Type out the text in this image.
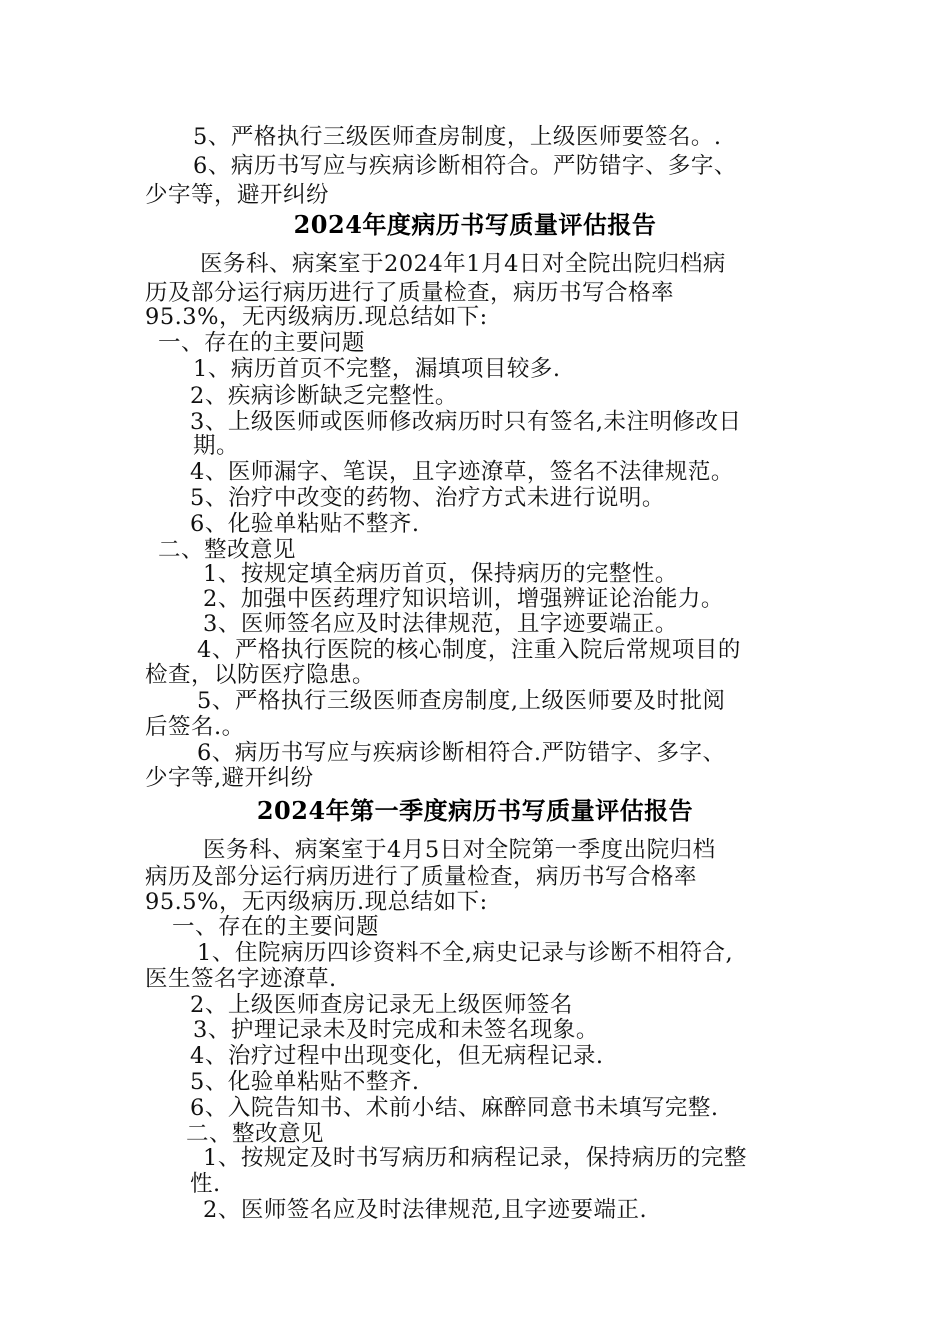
5、严格执行三级医师查房制度，上级医师要签名。.
6、病历书写应与疾病诊断相符合。严防错字、多字、
少字等，避开纠纷
2024年度病历书写质量评估报告
医务科、病案室于2024年1月4日对全院出院归档病
历及部分运行病历进行了质量检查，病历书写合格率
95.3%，无丙级病历.现总结如下:
一、存在的主要问题
1、病历首页不完整，漏填项目较多.
2、疾病诊断缺乏完整性。
3、上级医师或医师修改病历时只有签名,未注明修改日
期。
4、医师漏字、笔误，且字迹潦草，签名不法律规范。
5、治疗中改变的药物、治疗方式未进行说明。
6、化验单粘贴不整齐.
二、整改意见
1、按规定填全病历首页，保持病历的完整性。
2、加强中医药理疗知识培训，增强辨证论治能力。
3、医师签名应及时法律规范，且字迹要端正。
4、严格执行医院的核心制度，注重入院后常规项目的
检查，以防医疗隐患。
5、严格执行三级医师查房制度,上级医师要及时批阅
后签名.。
6、病历书写应与疾病诊断相符合.严防错字、多字、
少字等,避开纠纷
2024年第一季度病历书写质量评估报告
医务科、病案室于4月5日对全院第一季度出院归档
病历及部分运行病历进行了质量检查，病历书写合格率
95.5%，无丙级病历.现总结如下:
一、存在的主要问题
1、住院病历四诊资料不全,病史记录与诊断不相符合,
医生签名字迹潦草.
2、上级医师查房记录无上级医师签名
3、护理记录未及时完成和未签名现象。
4、治疗过程中出现变化，但无病程记录.
5、化验单粘贴不整齐.
6、入院告知书、术前小结、麻醉同意书未填写完整.
二、整改意见
1、按规定及时书写病历和病程记录，保持病历的完整
性.
2、医师签名应及时法律规范,且字迹要端正.
